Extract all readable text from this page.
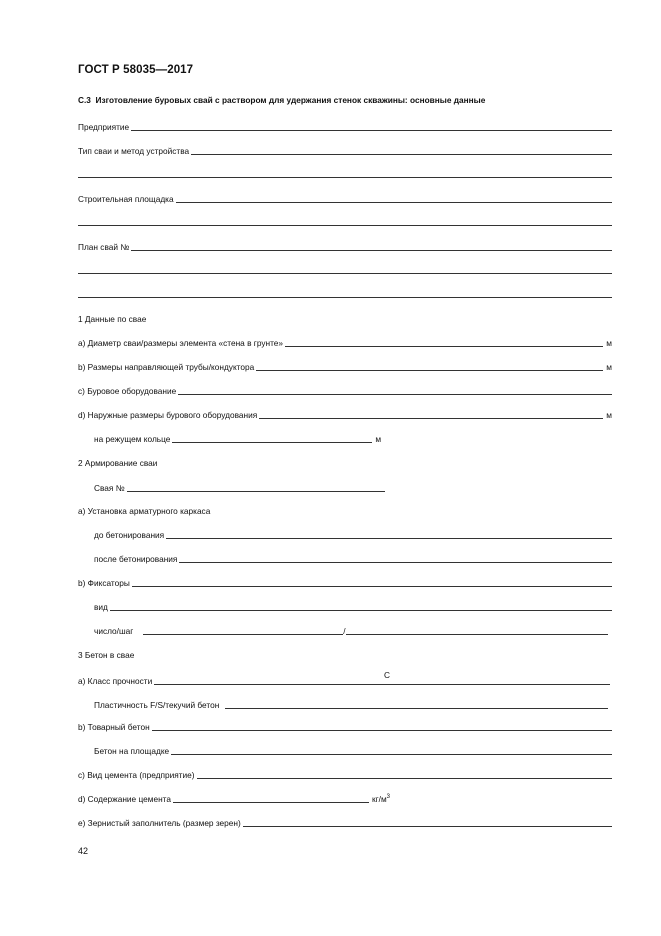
ГОСТ Р 58035—2017
С.3 Изготовление буровых свай с раствором для удержания стенок скважины: основные данные
Предприятие
Тип сваи и метод устройства
Строительная площадка
План свай №
1 Данные по сваe
a) Диаметр сваи/размеры элемента «стена в грунте»	м
b) Размеры направляющей трубы/кондуктора	м
c) Буровое оборудование
d) Наружные размеры бурового оборудования	м
на режущем кольце	м
2 Армирование сваи
Свая №
a) Установка арматурного каркаса
до бетонирования
после бетонирования
b) Фиксаторы
вид
число/шаг	/
3 Бетон в свае
a) Класс прочности
С
Пластичность F/S/текучий бетон
b) Товарный бетон
Бетон на площадке
c) Вид цемента (предприятие)
d) Содержание цемента	$кг/м^3$
e) Зернистый заполнитель (размер зерен)
42
